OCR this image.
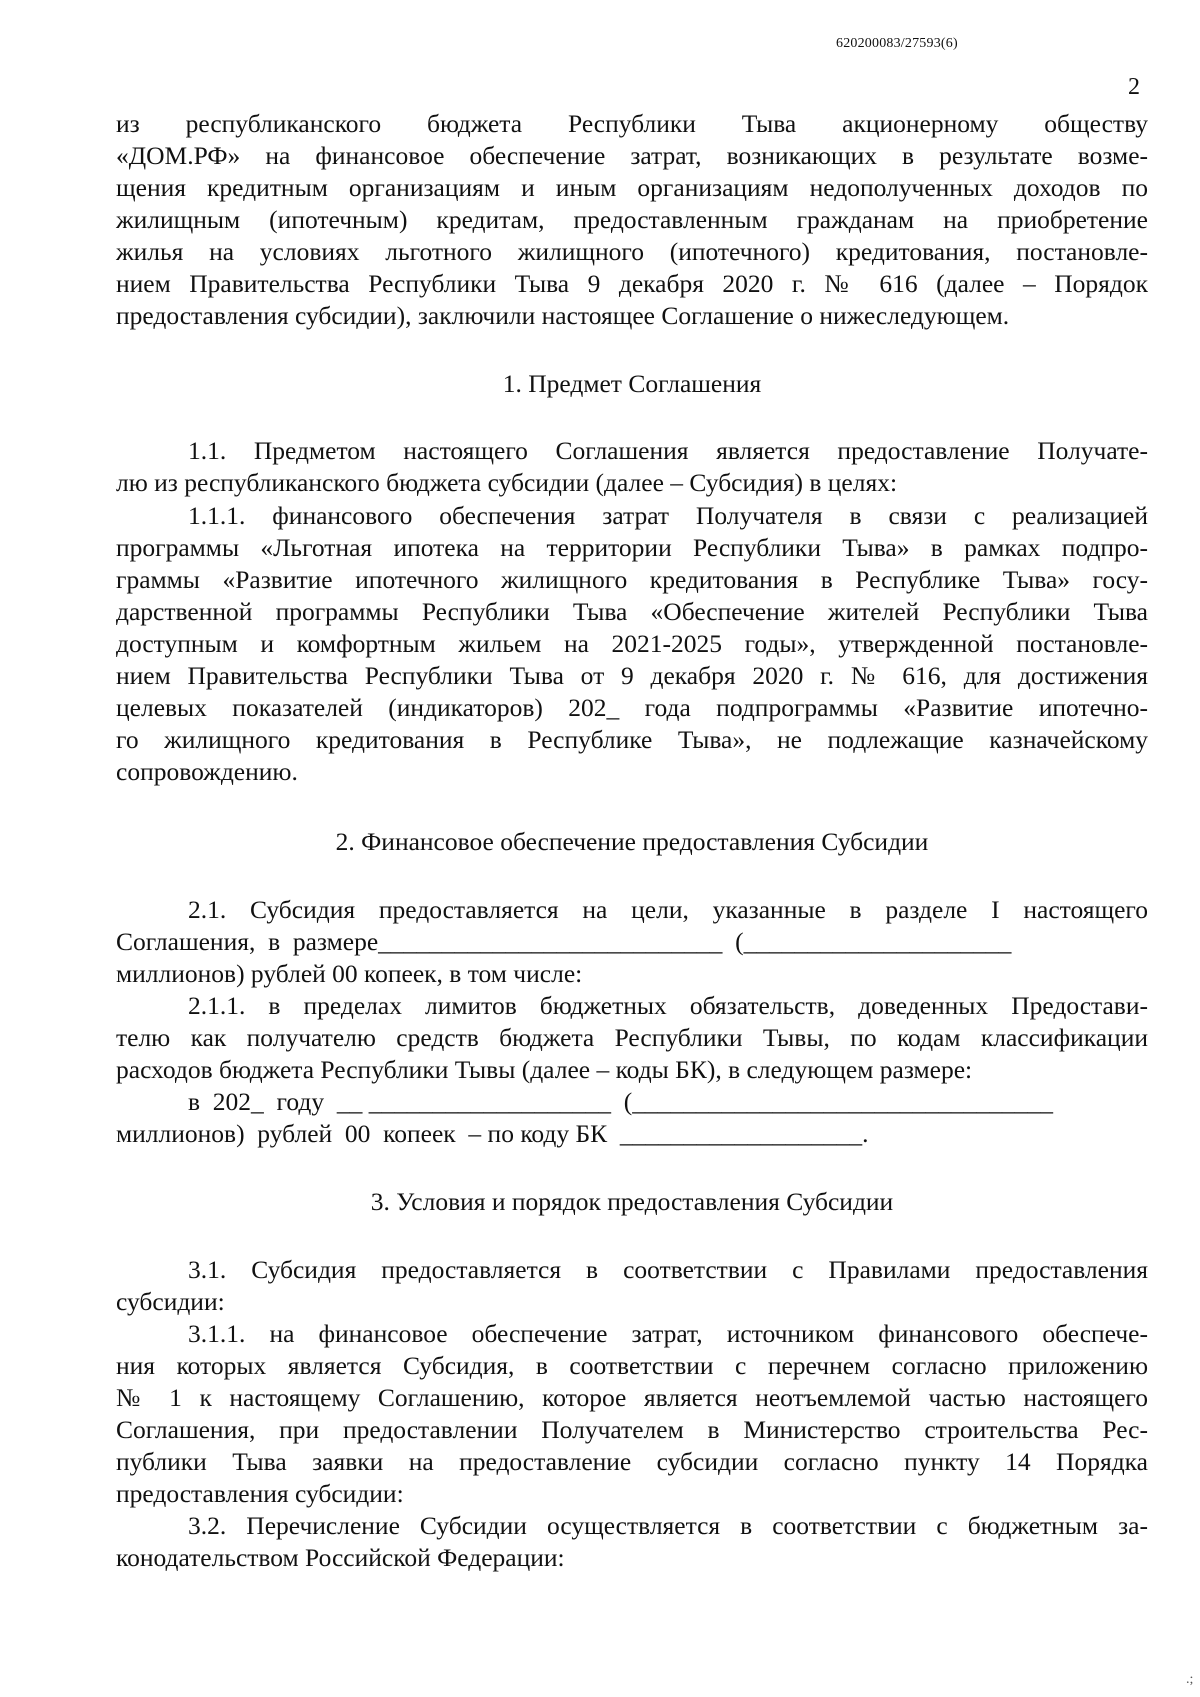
620200083/27593(6)
2
из республиканского бюджета Республики Тыва акционерному обществу
«ДОМ.РФ» на финансовое обеспечение затрат, возникающих в результате возме-
щения кредитным организациям и иным организациям недополученных доходов по
жилищным (ипотечным) кредитам, предоставленным гражданам на приобретение
жилья на условиях льготного жилищного (ипотечного) кредитования, постановле-
нием Правительства Республики Тыва 9 декабря 2020 г. № 616 (далее – Порядок
предоставления субсидии), заключили настоящее Соглашение о нижеследующем.
1. Предмет Соглашения
1.1. Предметом настоящего Соглашения является предоставление Получате-
лю из республиканского бюджета субсидии (далее – Субсидия) в целях:
1.1.1. финансового обеспечения затрат Получателя в связи с реализацией
программы «Льготная ипотека на территории Республики Тыва» в рамках подпро-
граммы «Развитие ипотечного жилищного кредитования в Республике Тыва» госу-
дарственной программы Республики Тыва «Обеспечение жителей Республики Тыва
доступным и комфортным жильем на 2021-2025 годы», утвержденной постановле-
нием Правительства Республики Тыва от 9 декабря 2020 г. № 616, для достижения
целевых показателей (индикаторов) 202_ года подпрограммы «Развитие ипотечно-
го жилищного кредитования в Республике Тыва», не подлежащие казначейскому
сопровождению.
2. Финансовое обеспечение предоставления Субсидии
2.1. Субсидия предоставляется на цели, указанные в разделе I настоящего
Соглашения,  в  размере___________________________  (_____________________
миллионов) рублей 00 копеек, в том числе:
2.1.1. в пределах лимитов бюджетных обязательств, доведенных Предостави-
телю как получателю средств бюджета Республики Тывы, по кодам классификации
расходов бюджета Республики Тывы (далее – коды БК), в следующем размере:
в  202_  году  __ ___________________  (_________________________________
миллионов)  рублей  00  копеек  – по коду БК  ___________________.
3. Условия и порядок предоставления Субсидии
3.1. Субсидия предоставляется в соответствии с Правилами предоставления
субсидии:
3.1.1. на финансовое обеспечение затрат, источником финансового обеспече-
ния которых является Субсидия, в соответствии с перечнем согласно приложению
№ 1 к настоящему Соглашению, которое является неотъемлемой частью настоящего
Соглашения, при предоставлении Получателем в Министерство строительства Рес-
публики Тыва заявки на предоставление субсидии согласно пункту 14 Порядка
предоставления субсидии:
3.2. Перечисление Субсидии осуществляется в соответствии с бюджетным за-
конодательством Российской Федерации:
.;
